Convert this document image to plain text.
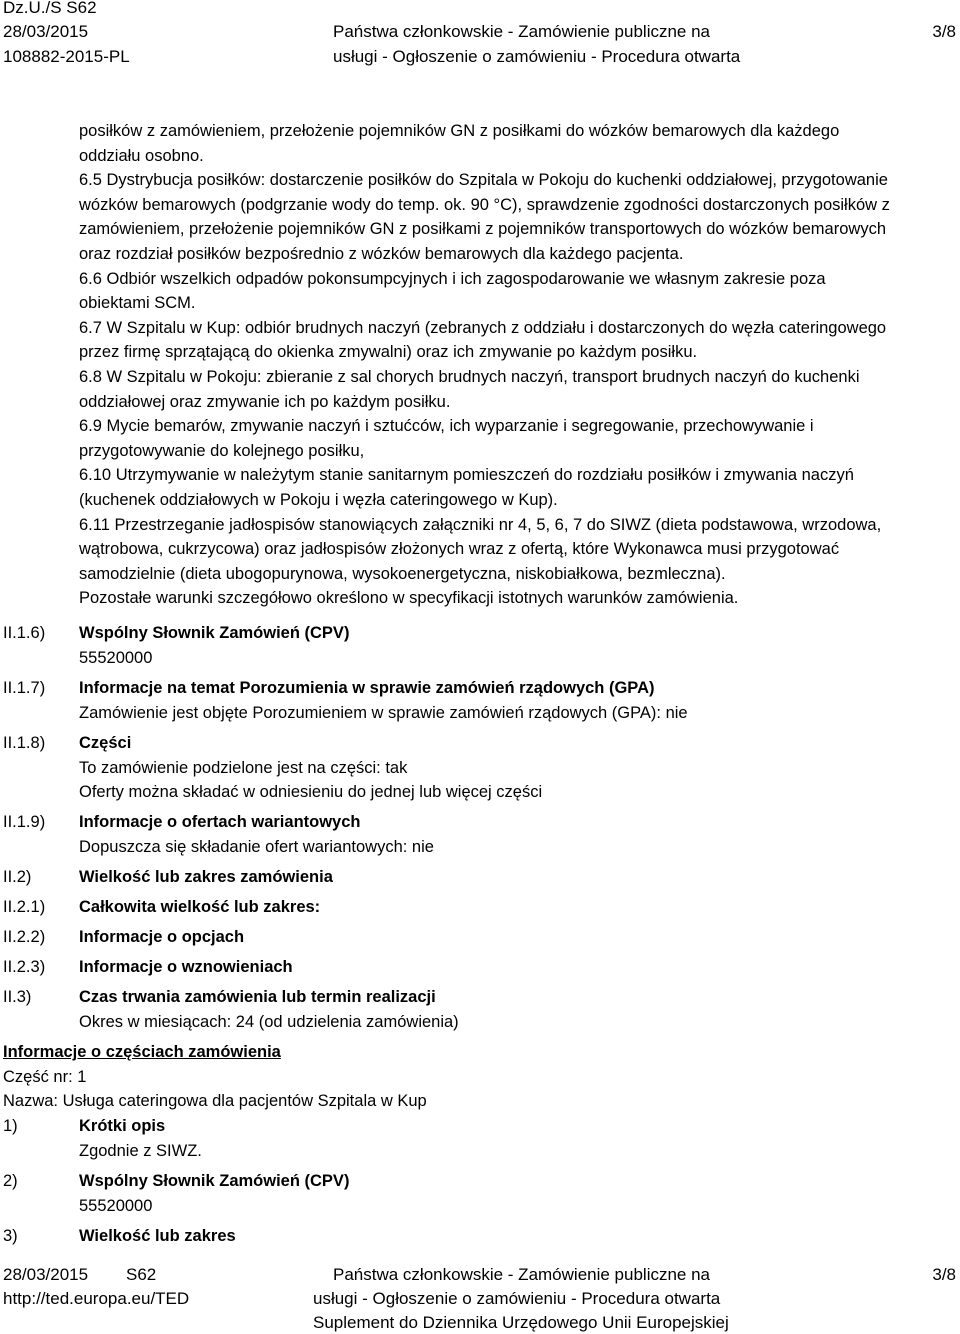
Dz.U./S S62
28/03/2015
108882-2015-PL
Państwa członkowskie - Zamówienie publiczne na
usługi - Ogłoszenie o zamówieniu - Procedura otwarta
3/8
posiłków z zamówieniem, przełożenie pojemników GN z posiłkami do wózków bemarowych dla każdego
oddziału osobno.
6.5 Dystrybucja posiłków: dostarczenie posiłków do Szpitala w Pokoju do kuchenki oddziałowej, przygotowanie
wózków bemarowych (podgrzanie wody do temp. ok. 90 °C), sprawdzenie zgodności dostarczonych posiłków z
zamówieniem, przełożenie pojemników GN z posiłkami z pojemników transportowych do wózków bemarowych
oraz rozdział posiłków bezpośrednio z wózków bemarowych dla każdego pacjenta.
6.6 Odbiór wszelkich odpadów pokonsumpcyjnych i ich zagospodarowanie we własnym zakresie poza
obiektami SCM.
6.7 W Szpitalu w Kup: odbiór brudnych naczyń (zebranych z oddziału i dostarczonych do węzła cateringowego
przez firmę sprzątającą do okienka zmywalni) oraz ich zmywanie po każdym posiłku.
6.8 W Szpitalu w Pokoju: zbieranie z sal chorych brudnych naczyń, transport brudnych naczyń do kuchenki
oddziałowej oraz zmywanie ich po każdym posiłku.
6.9 Mycie bemarów, zmywanie naczyń i sztućców, ich wyparzanie i segregowanie, przechowywanie i
przygotowywanie do kolejnego posiłku,
6.10 Utrzymywanie w należytym stanie sanitarnym pomieszczeń do rozdziału posiłków i zmywania naczyń
(kuchenek oddziałowych w Pokoju i węzła cateringowego w Kup).
6.11 Przestrzeganie jadłospisów stanowiących załączniki nr 4, 5, 6, 7 do SIWZ (dieta podstawowa, wrzodowa,
wątrobowa, cukrzycowa) oraz jadłospisów złożonych wraz z ofertą, które Wykonawca musi przygotować
samodzielnie (dieta ubogopurynowa, wysokoenergetyczna, niskobiałkowa, bezmleczna).
Pozostałe warunki szczegółowo określono w specyfikacji istotnych warunków zamówienia.
II.1.6) Wspólny Słownik Zamówień (CPV)
55520000
II.1.7) Informacje na temat Porozumienia w sprawie zamówień rządowych (GPA)
Zamówienie jest objęte Porozumieniem w sprawie zamówień rządowych (GPA): nie
II.1.8) Części
To zamówienie podzielone jest na części: tak
Oferty można składać w odniesieniu do jednej lub więcej części
II.1.9) Informacje o ofertach wariantowych
Dopuszcza się składanie ofert wariantowych: nie
II.2)	Wielkość lub zakres zamówienia
II.2.1) Całkowita wielkość lub zakres:
II.2.2) Informacje o opcjach
II.2.3) Informacje o wznowieniach
II.3)	Czas trwania zamówienia lub termin realizacji
Okres w miesiącach: 24 (od udzielenia zamówienia)
Informacje o częściach zamówienia
Część nr: 1
Nazwa: Usługa cateringowa dla pacjentów Szpitala w Kup
1)	Krótki opis
Zgodnie z SIWZ.
2)	Wspólny Słownik Zamówień (CPV)
55520000
3)	Wielkość lub zakres
28/03/2015 S62
http://ted.europa.eu/TED
Państwa członkowskie - Zamówienie publiczne na
usługi - Ogłoszenie o zamówieniu - Procedura otwarta
Suplement do Dziennika Urzędowego Unii Europejskiej
3/8
